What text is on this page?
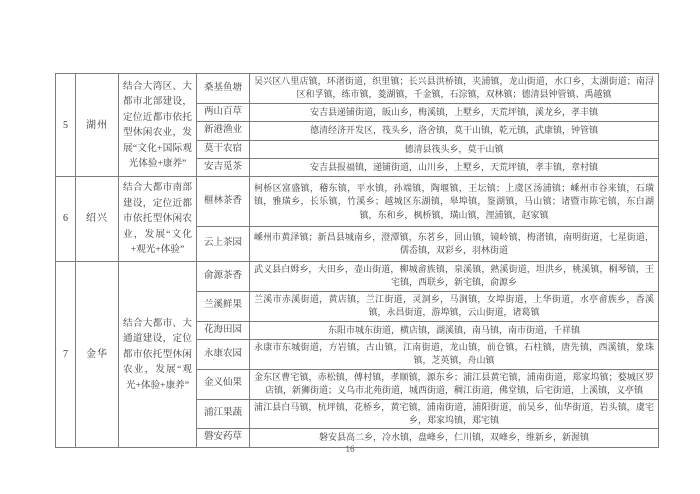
5	湖州	结合大湾区、大都市北部建设，定位近都市依托型休闲农业，发展“文化+国际观光体验+康养”	桑基鱼塘	吴兴区八里店镇，环渚街道，织里镇；长兴县洪桥镇，夹浦镇，龙山街道，水口乡，太湖街道；南浔区和孚镇，练市镇，菱湖镇，千金镇，石淙镇，双林镇；德清县钟管镇、禹越镇
			两山百草	安吉县递铺街道，皈山乡，梅溪镇，上墅乡，天荒坪镇，溪龙乡，孝丰镇
			新港渔业	德清经济开发区，筏头乡，洛舍镇，莫干山镇，乾元镇，武康镇，钟管镇
			莫干农宿	德清县筏头乡，莫干山镇
			安吉觅茶	安吉县报福镇，递铺街道，山川乡，上墅乡，天荒坪镇，孝丰镇，章村镇
6	绍兴	结合大都市南部建设，定位近都市依托型休闲农业，发展“文化+观光+体验”	榧林茶香	柯桥区富盛镇，稽东镇，平水镇，孙端镇，陶堰镇，王坛镇；上虞区汤浦镇；嵊州市谷来镇，石璜镇，雅璜乡，长乐镇，竹溪乡；越城区东湖镇，皋埠镇，鉴湖镇，马山镇；诸暨市陈宅镇，东白湖镇，东和乡，枫桥镇，璜山镇，浬浦镇，赵家镇
			云上茶园	嵊州市黄泽镇；新昌县城南乡，澄潭镇，东茗乡，回山镇，镜岭镇，梅渚镇，南明街道，七星街道，儒岙镇，双彩乡，羽林街道
7	金华	结合大都市、大通道建设，定位都市依托型休闲农业，发展“观光+体验+康养”	俞源茶香	武义县白姆乡，大田乡，壶山街道，柳城畲族镇，泉溪镇，熟溪街道，坦洪乡，桃溪镇，桐琴镇，王宅镇，西联乡，新宅镇，俞源乡
			兰溪鲜果	兰溪市赤溪街道，黄店镇，兰江街道，灵洞乡，马涧镇，女埠街道，上华街道，水亭畲族乡，香溪镇，永昌街道，游埠镇，云山街道，诸葛镇
			花海田园	东阳市城东街道，横店镇，湖溪镇，南马镇，南市街道，千祥镇
			永康农园	永康市东城街道，方岩镇，古山镇，江南街道，龙山镇，前仓镇，石柱镇，唐先镇，西溪镇，象珠镇，芝英镇，舟山镇
			金义仙果	金东区曹宅镇，赤松镇，傅村镇，孝顺镇，源东乡；浦江县黄宅镇，浦南街道，郑家坞镇；婺城区罗店镇，新狮街道；义乌市北苑街道，城西街道，稠江街道，佛堂镇，后宅街道，上溪镇，义亭镇
			浦江果蔬	浦江县白马镇，杭坪镇，花桥乡，黄宅镇，浦南街道，浦阳街道，前吴乡，仙华街道，岩头镇，虞宅乡，郑家坞镇，郑宅镇
			磐安药草	磐安县高二乡，冷水镇，盘峰乡，仁川镇，双峰乡，维新乡，新渥镇
16
